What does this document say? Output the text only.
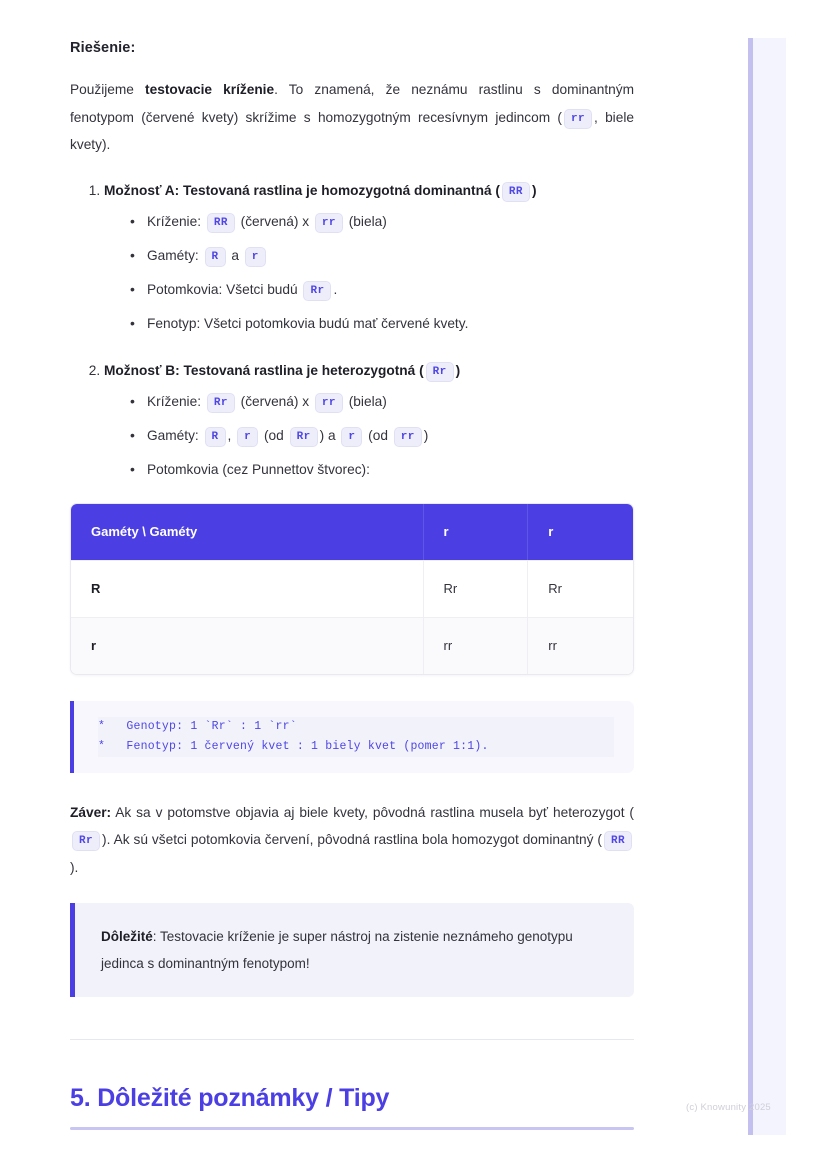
Riešenie:

Použijeme testovacie kríženie. To znamená, že neznámu rastlinu s dominantným fenotypom (červené kvety) skrížime s homozygotným recesívnym jedincom ( rr , biele kvety).

1. Možnosť A: Testovaná rastlina je homozygotná dominantná ( RR )
• Kríženie: RR (červená) x rr (biela)
• Gaméty: R a r
• Potomkovia: Všetci budú Rr .
• Fenotyp: Všetci potomkovia budú mať červené kvety.
2. Možnosť B: Testovaná rastlina je heterozygotná ( Rr )
• Kríženie: Rr (červená) x rr (biela)
• Gaméty: R , r (od Rr ) a r (od rr )
• Potomkovia (cez Punnettov štvorec):
Gaméty \ Gaméty	r	r
R	Rr	Rr
r	rr	rr
*   Genotyp: 1 `Rr` : 1 `rr`
*   Fenotyp: 1 červený kvet : 1 biely kvet (pomer 1:1).

Záver: Ak sa v potomstve objavia aj biele kvety, pôvodná rastlina musela byť heterozygot (Rr ). Ak sú všetci potomkovia červení, pôvodná rastlina bola homozygot dominantný ( RR).

Dôležité: Testovacie kríženie je super nástroj na zistenie neznámeho genotypu jedinca s dominantným fenotypom!

5. Dôležité poznámky / Tipy	(c) Knowunity 2025
